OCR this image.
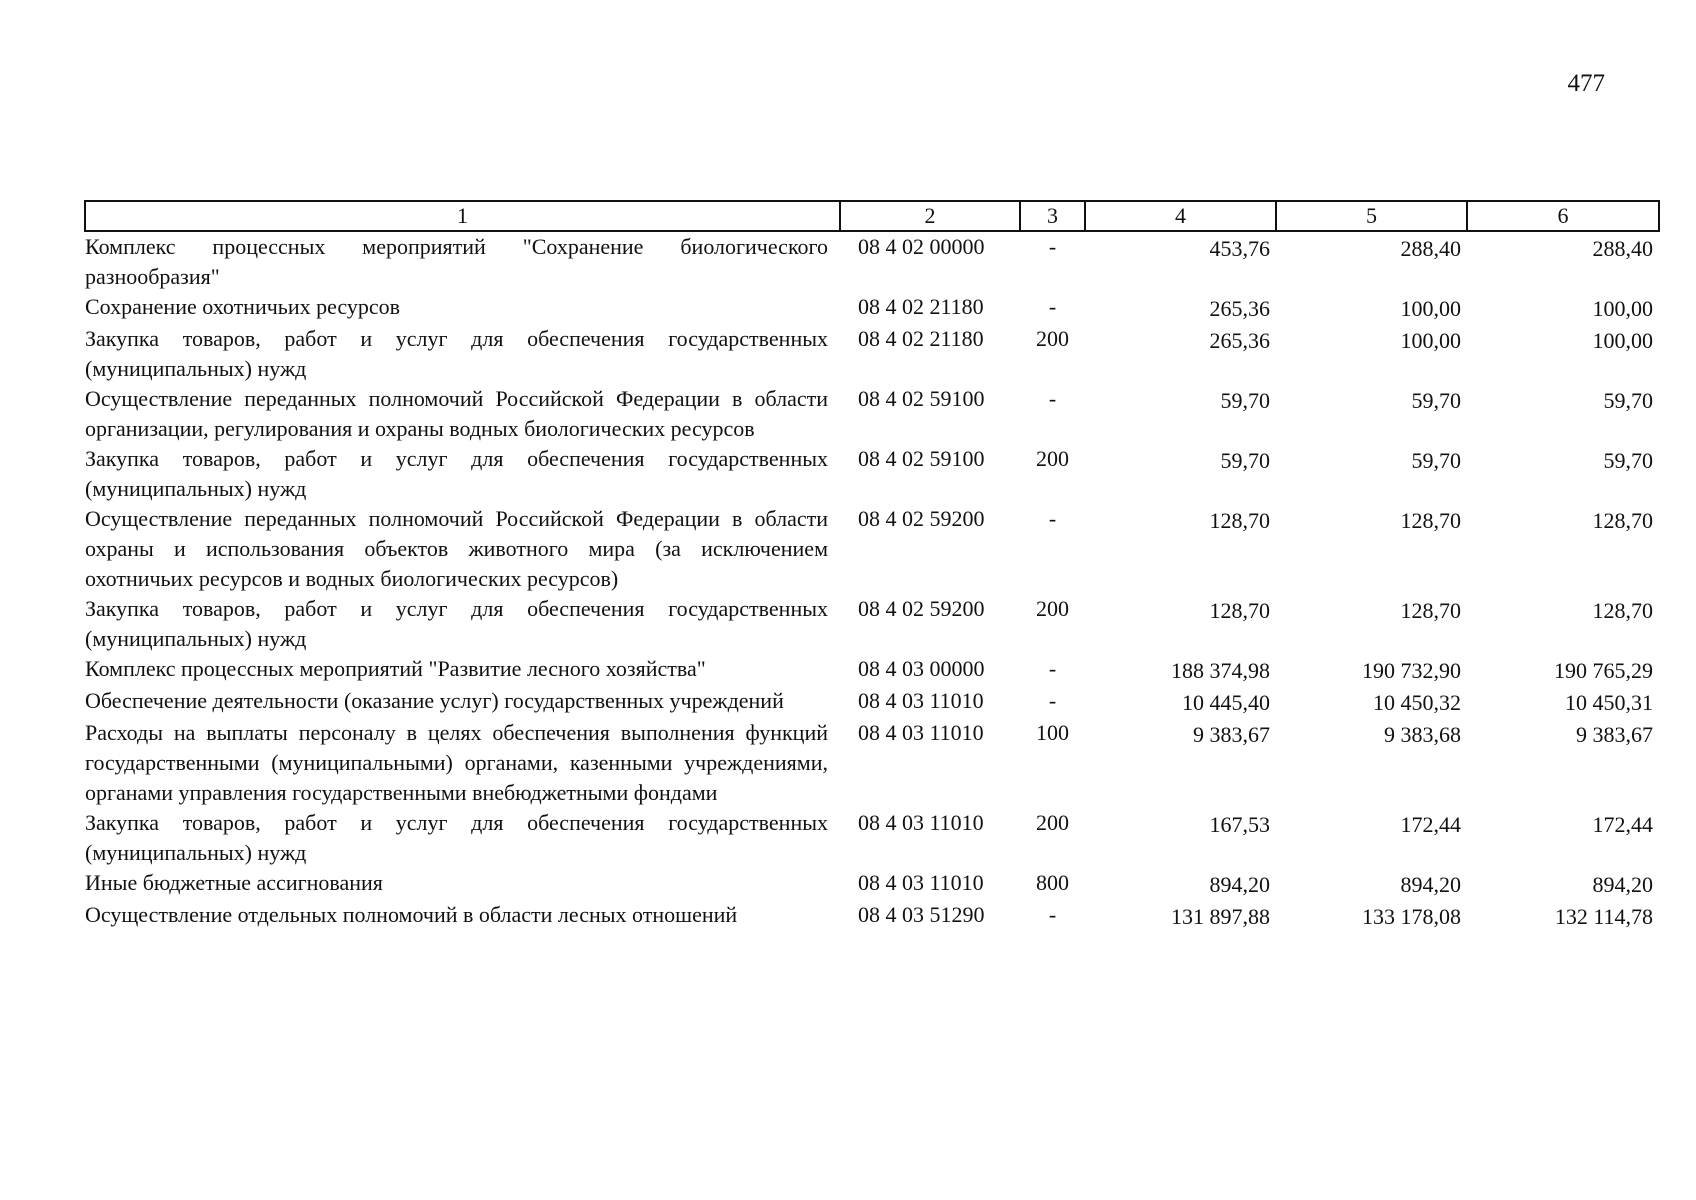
477
1	2	3	4	5	6
Комплекс процессных мероприятий "Сохранение биологического разнообразия"	08 4 02 00000	-	453,76	288,40	288,40
Сохранение охотничьих ресурсов	08 4 02 21180	-	265,36	100,00	100,00
Закупка товаров, работ и услуг для обеспечения государственных (муниципальных) нужд	08 4 02 21180	200	265,36	100,00	100,00
Осуществление переданных полномочий Российской Федерации в области организации, регулирования и охраны водных биологических ресурсов	08 4 02 59100	-	59,70	59,70	59,70
Закупка товаров, работ и услуг для обеспечения государственных (муниципальных) нужд	08 4 02 59100	200	59,70	59,70	59,70
Осуществление переданных полномочий Российской Федерации в области охраны и использования объектов животного мира (за исключением охотничьих ресурсов и водных биологических ресурсов)	08 4 02 59200	-	128,70	128,70	128,70
Закупка товаров, работ и услуг для обеспечения государственных (муниципальных) нужд	08 4 02 59200	200	128,70	128,70	128,70
Комплекс процессных мероприятий "Развитие лесного хозяйства"	08 4 03 00000	-	188 374,98	190 732,90	190 765,29
Обеспечение деятельности (оказание услуг) государственных учреждений	08 4 03 11010	-	10 445,40	10 450,32	10 450,31
Расходы на выплаты персоналу в целях обеспечения выполнения функций государственными (муниципальными) органами, казенными учреждениями, органами управления государственными внебюджетными фондами	08 4 03 11010	100	9 383,67	9 383,68	9 383,67
Закупка товаров, работ и услуг для обеспечения государственных (муниципальных) нужд	08 4 03 11010	200	167,53	172,44	172,44
Иные бюджетные ассигнования	08 4 03 11010	800	894,20	894,20	894,20
Осуществление отдельных полномочий в области лесных отношений	08 4 03 51290	-	131 897,88	133 178,08	132 114,78
